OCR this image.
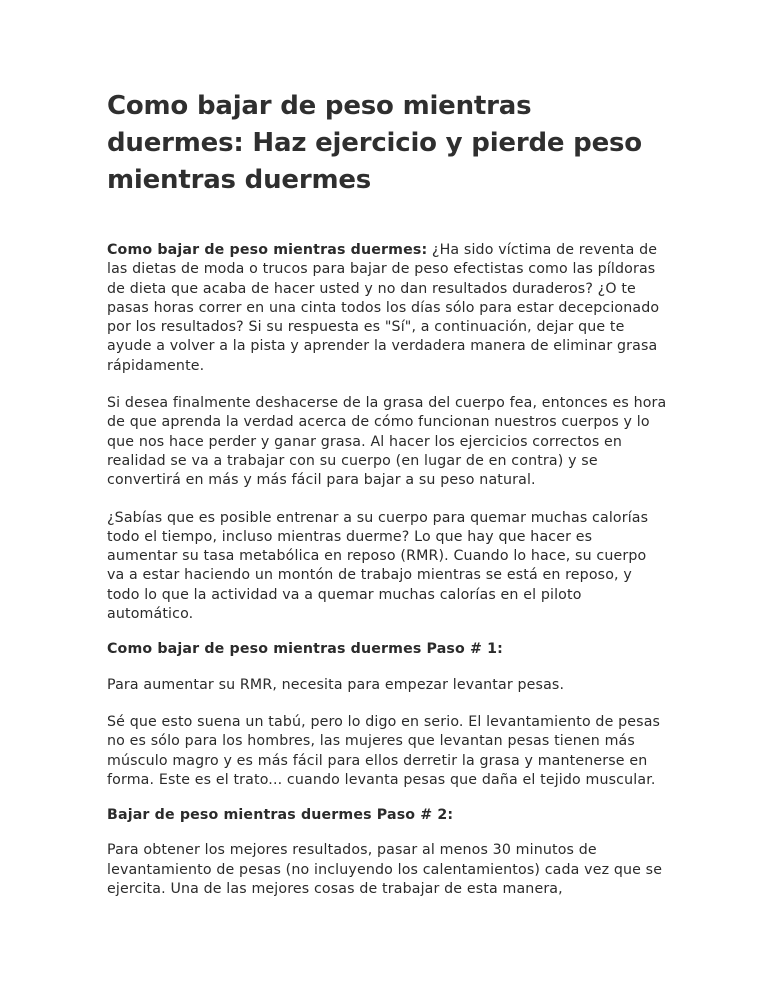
Como bajar de peso mientras duermes: Haz ejercicio y pierde peso mientras duermes

Como bajar de peso mientras duermes: ¿Ha sido víctima de reventa de las dietas de moda o trucos para bajar de peso efectistas como las píldoras de dieta que acaba de hacer usted y no dan resultados duraderos? ¿O te pasas horas correr en una cinta todos los días sólo para estar decepcionado por los resultados? Si su respuesta es "Sí", a continuación, dejar que te ayude a volver a la pista y aprender la verdadera manera de eliminar grasa rápidamente.

Si desea finalmente deshacerse de la grasa del cuerpo fea, entonces es hora de que aprenda la verdad acerca de cómo funcionan nuestros cuerpos y lo que nos hace perder y ganar grasa. Al hacer los ejercicios correctos en realidad se va a trabajar con su cuerpo (en lugar de en contra) y se convertirá en más y más fácil para bajar a su peso natural.

¿Sabías que es posible entrenar a su cuerpo para quemar muchas calorías todo el tiempo, incluso mientras duerme? Lo que hay que hacer es aumentar su tasa metabólica en reposo (RMR). Cuando lo hace, su cuerpo va a estar haciendo un montón de trabajo mientras se está en reposo, y todo lo que la actividad va a quemar muchas calorías en el piloto automático.

Como bajar de peso mientras duermes Paso # 1:

Para aumentar su RMR, necesita para empezar levantar pesas.

Sé que esto suena un tabú, pero lo digo en serio. El levantamiento de pesas no es sólo para los hombres, las mujeres que levantan pesas tienen más músculo magro y es más fácil para ellos derretir la grasa y mantenerse en forma. Este es el trato... cuando levanta pesas que daña el tejido muscular.

Bajar de peso mientras duermes Paso # 2:

Para obtener los mejores resultados, pasar al menos 30 minutos de levantamiento de pesas (no incluyendo los calentamientos) cada vez que se ejercita. Una de las mejores cosas de trabajar de esta manera,
